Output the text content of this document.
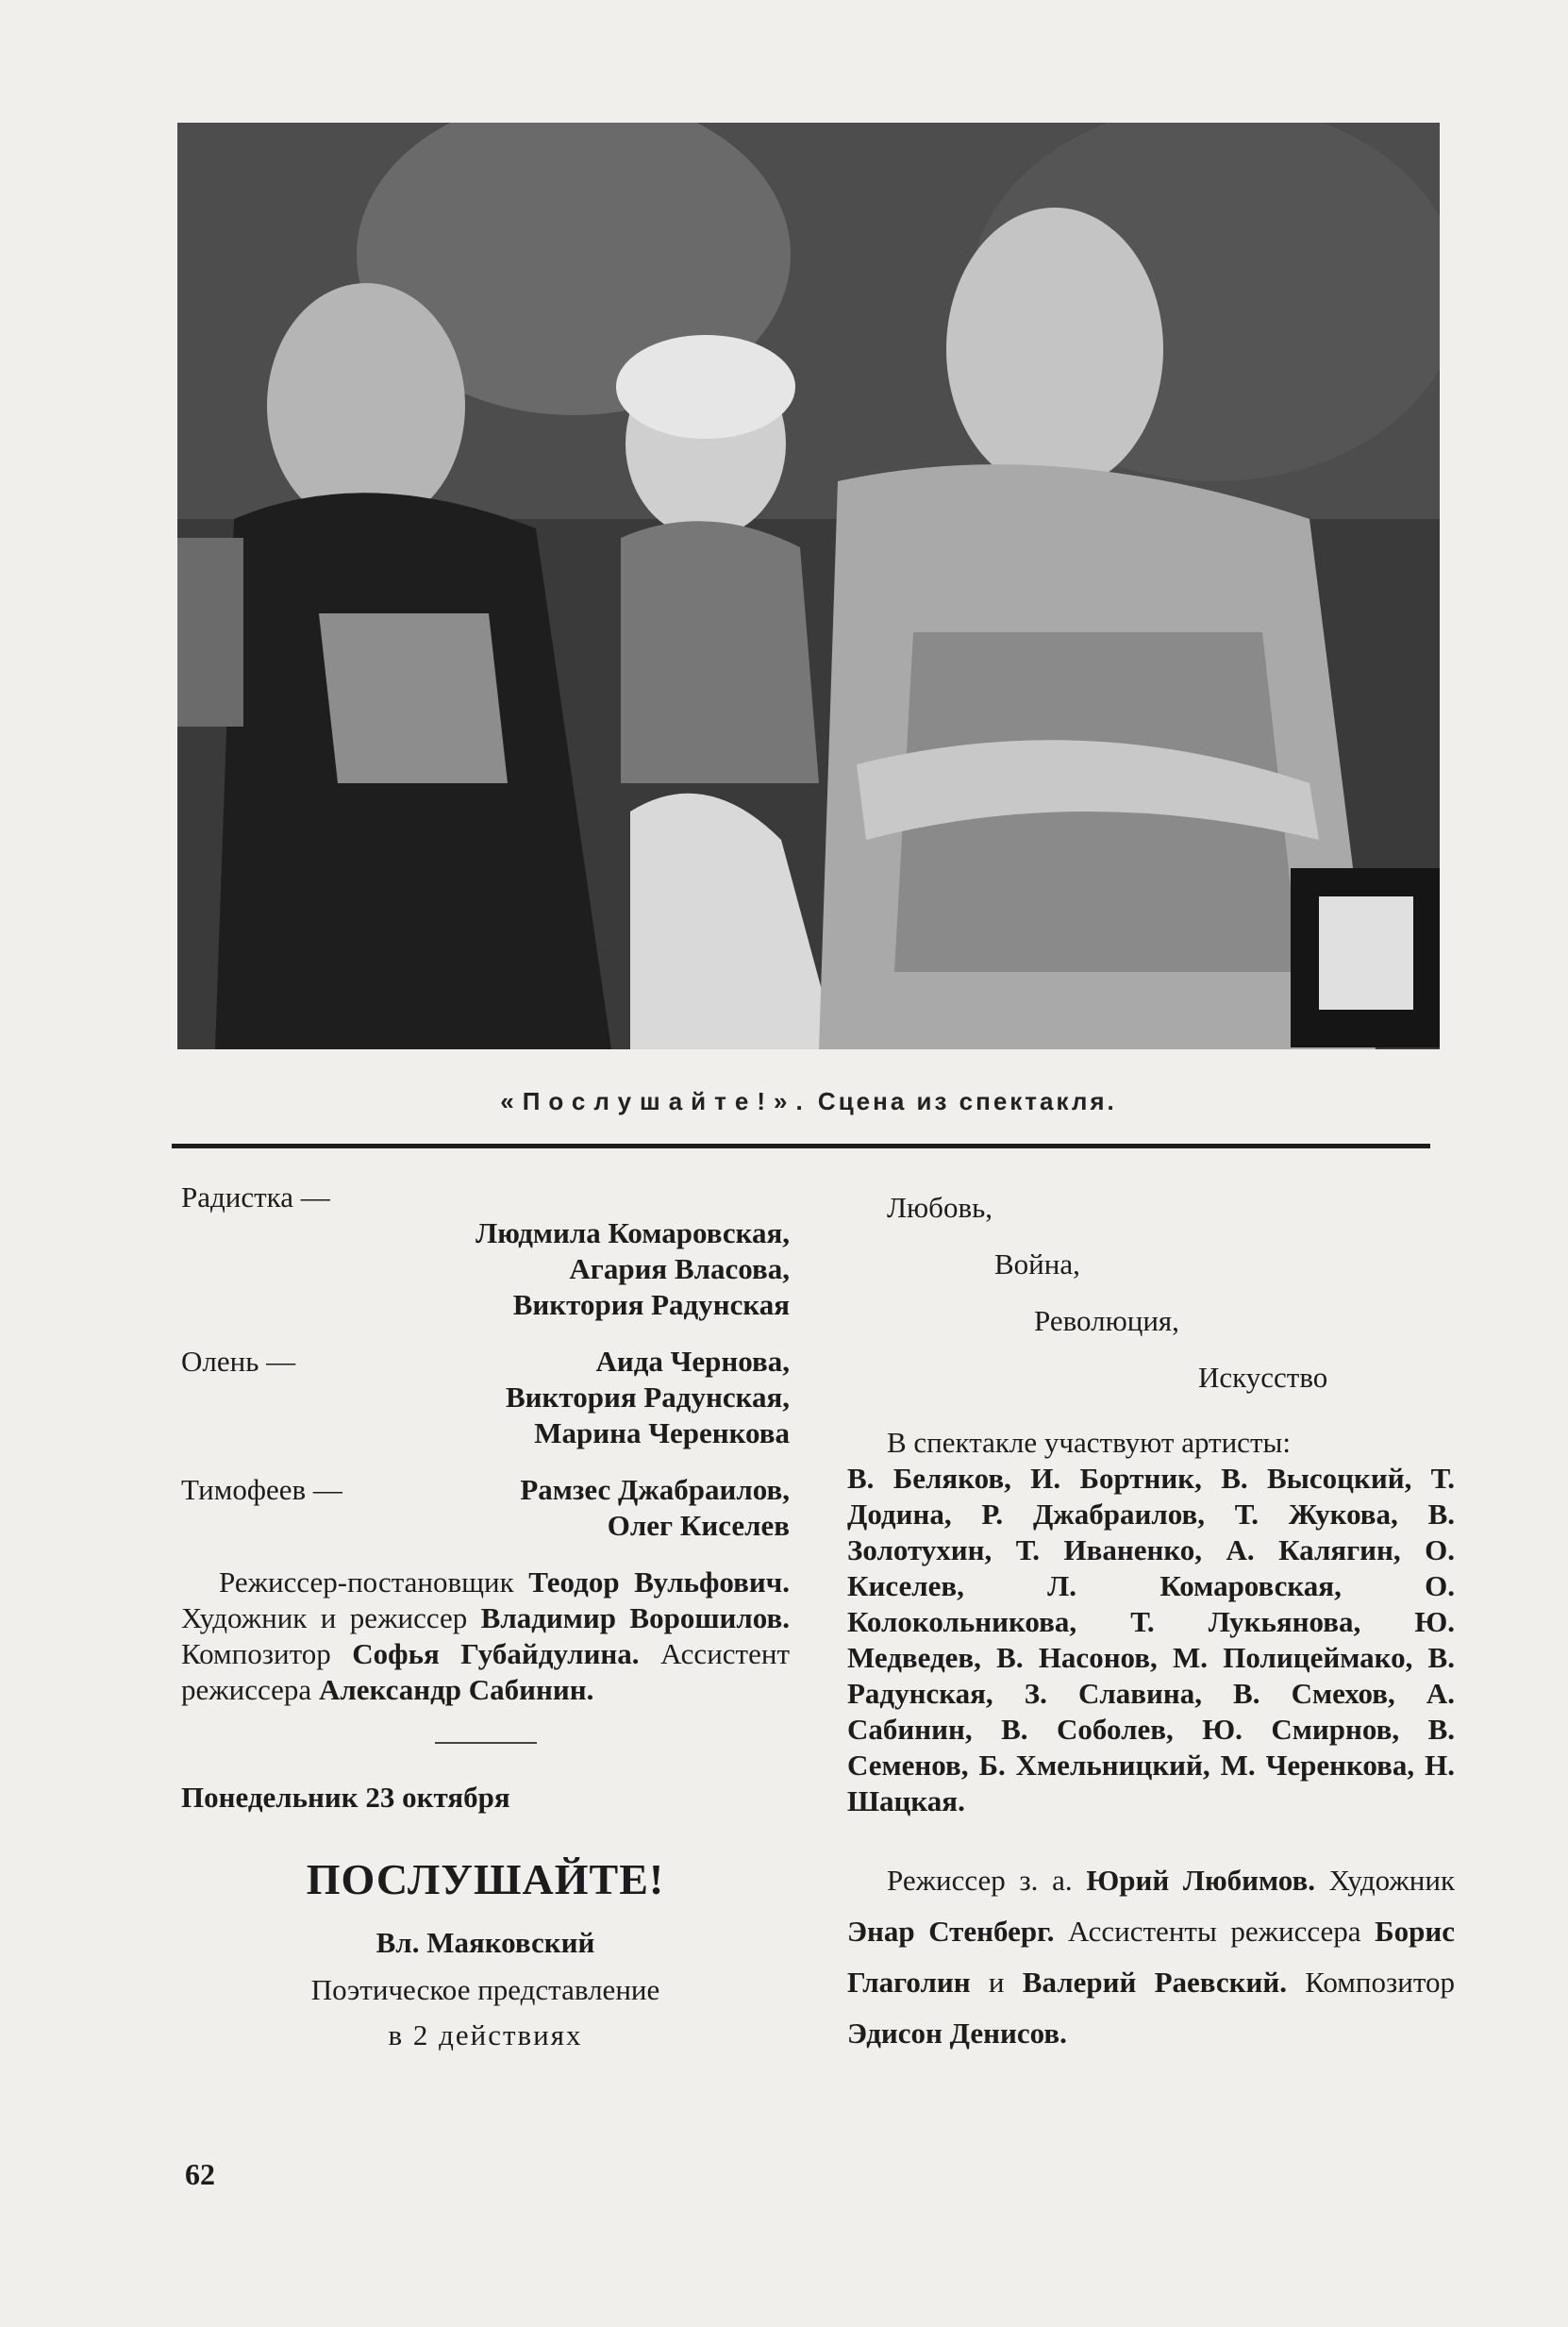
«Послушайте!». Сцена из спектакля.
Радистка —
Людмила Комаровская,
Агария Власова,
Виктория Радунская
Олень —	Аида Чернова,
Виктория Радунская,
Марина Черенкова
Тимофеев —	Рамзес Джабраилов,
Олег Киселев
Режиссер-постановщик Теодор Вульфович. Художник и режиссер Владимир Ворошилов. Композитор Софья Губайдулина. Ассистент режиссера Александр Сабинин.
Понедельник 23 октября
ПОСЛУШАЙТЕ!
Вл. Маяковский
Поэтическое представление
в 2 действиях
Любовь,
Война,
Революция,
Искусство
В спектакле участвуют артисты:
В. Беляков, И. Бортник, В. Высоцкий, Т. Додина, Р. Джабраилов, Т. Жукова, В. Золотухин, Т. Иваненко, А. Калягин, О. Киселев, Л. Комаровская, О. Колокольникова, Т. Лукьянова, Ю. Медведев, В. Насонов, М. Полицеймако, В. Радунская, З. Славина, В. Смехов, А. Сабинин, В. Соболев, Ю. Смирнов, В. Семенов, Б. Хмельницкий, М. Черенкова, Н. Шацкая.
Режиссер з. а. Юрий Любимов. Художник Энар Стенберг. Ассистенты режиссера Борис Глаголин и Валерий Раевский. Композитор Эдисон Денисов.
62
